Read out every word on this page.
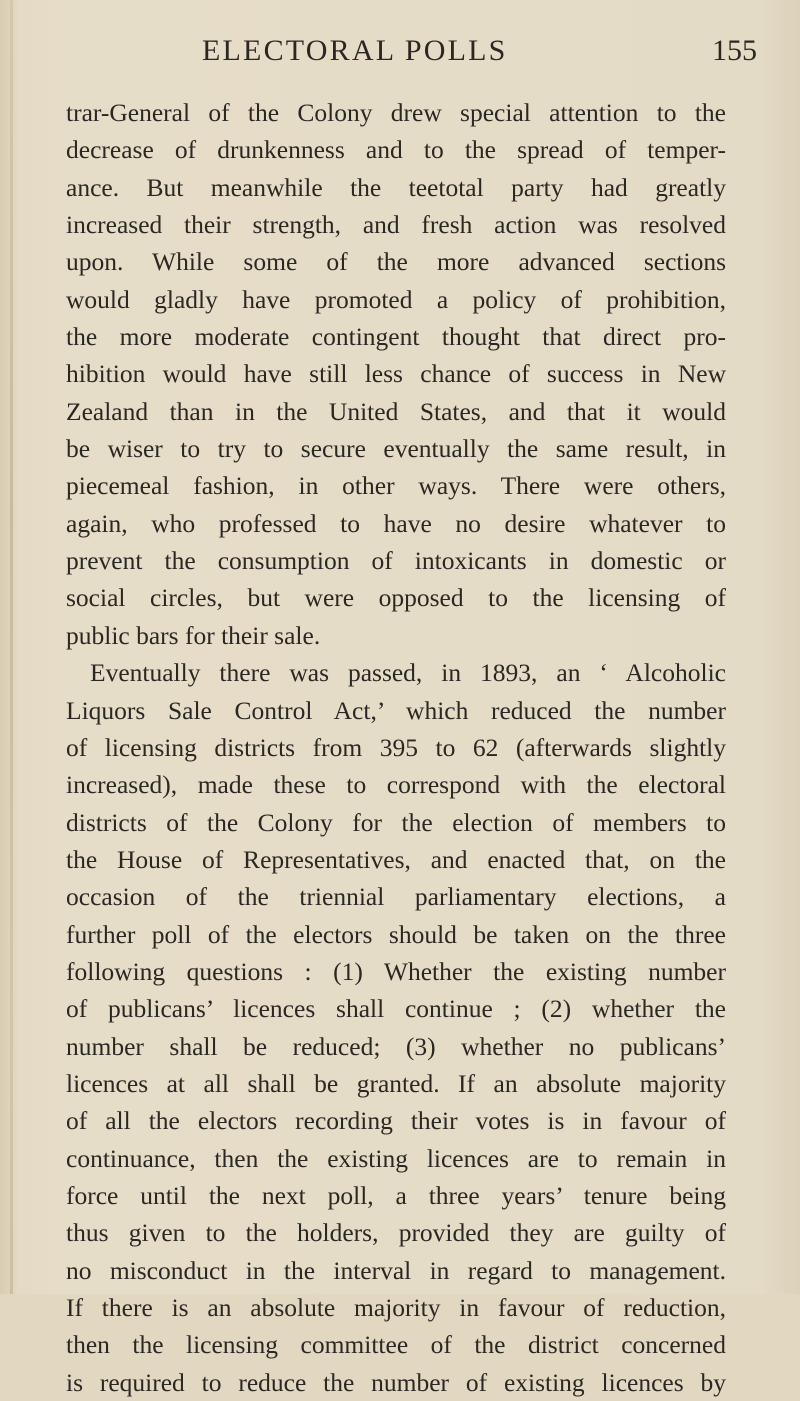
ELECTORAL POLLS	155
trar-General of the Colony drew special attention to the
decrease of drunkenness and to the spread of temper-
ance. But meanwhile the teetotal party had greatly
increased their strength, and fresh action was resolved
upon. While some of the more advanced sections
would gladly have promoted a policy of prohibition,
the more moderate contingent thought that direct pro-
hibition would have still less chance of success in New
Zealand than in the United States, and that it would
be wiser to try to secure eventually the same result, in
piecemeal fashion, in other ways. There were others,
again, who professed to have no desire whatever to
prevent the consumption of intoxicants in domestic or
social circles, but were opposed to the licensing of
public bars for their sale.
Eventually there was passed, in 1893, an ‘ Alcoholic
Liquors Sale Control Act,’ which reduced the number
of licensing districts from 395 to 62 (afterwards slightly
increased), made these to correspond with the electoral
districts of the Colony for the election of members to
the House of Representatives, and enacted that, on the
occasion of the triennial parliamentary elections, a
further poll of the electors should be taken on the three
following questions : (1) Whether the existing number
of publicans’ licences shall continue ; (2) whether the
number shall be reduced; (3) whether no publicans’
licences at all shall be granted. If an absolute majority
of all the electors recording their votes is in favour of
continuance, then the existing licences are to remain in
force until the next poll, a three years’ tenure being
thus given to the holders, provided they are guilty of
no misconduct in the interval in regard to management.
If there is an absolute majority in favour of reduction,
then the licensing committee of the district concerned
is required to reduce the number of existing licences by
